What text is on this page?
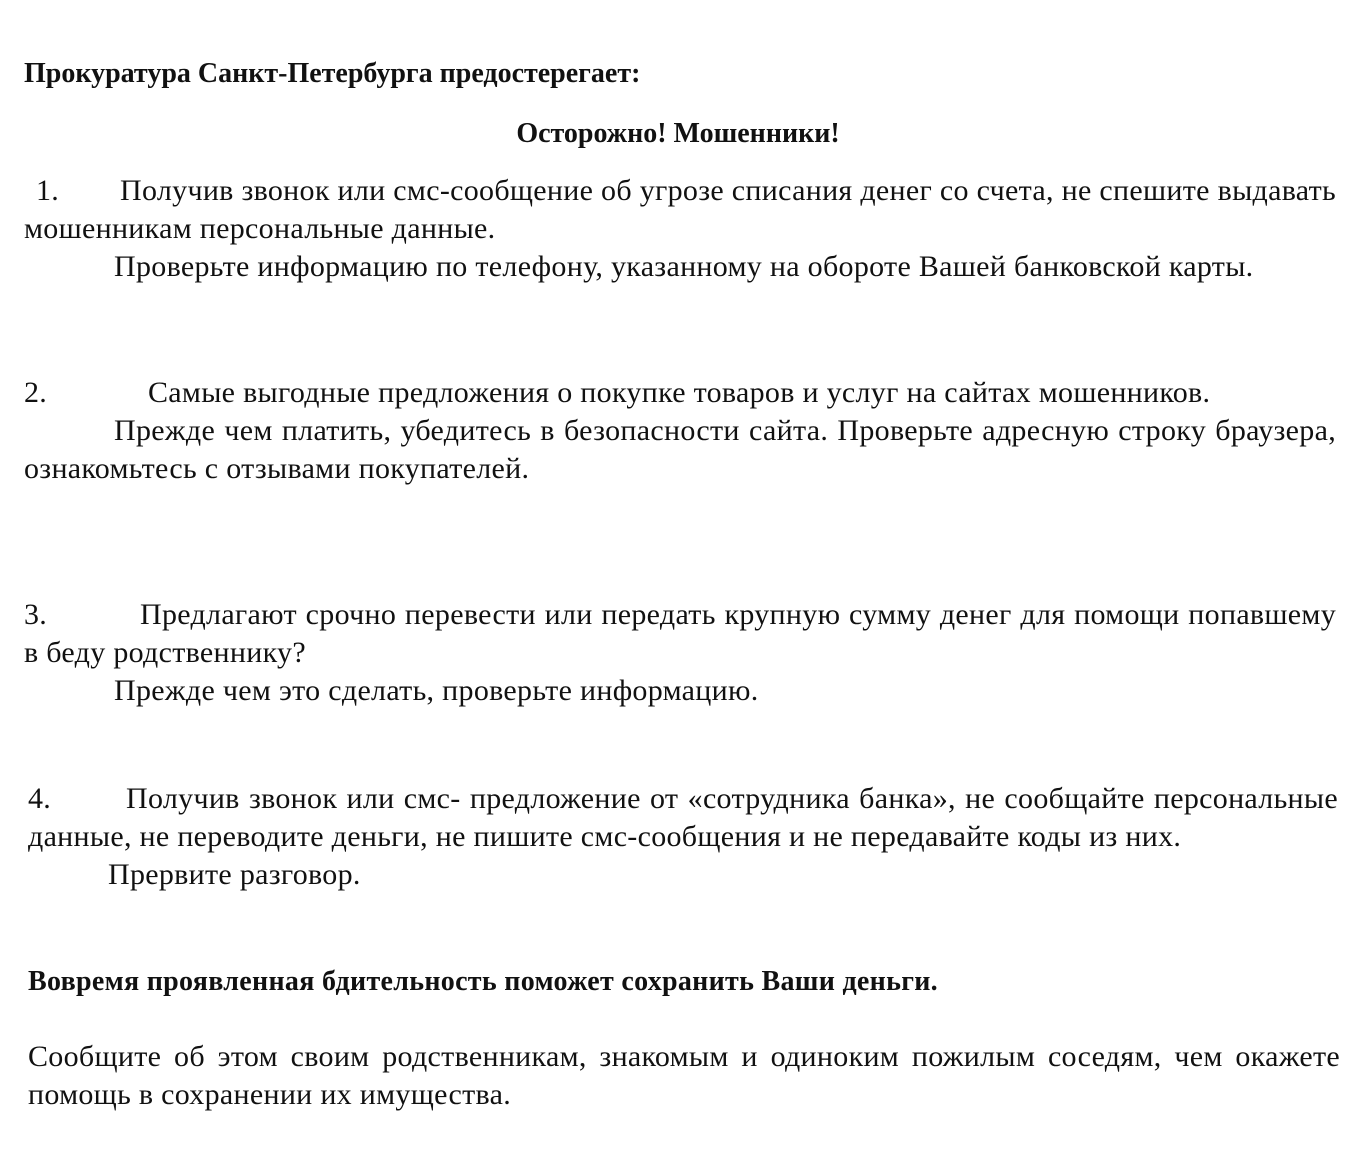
Прокуратура Санкт-Петербурга предостерегает:
Осторожно! Мошенники!

1. Получив звонок или смс-сообщение об угрозе списания денег со счета, не спешите выдавать мошенникам персональные данные.

Проверьте информацию по телефону, указанному на обороте Вашей банковской карты.

2.	Самые выгодные предложения о покупке товаров и услуг на сайтах мошенников.

Прежде чем платить, убедитесь в безопасности сайта. Проверьте адресную строку браузера, ознакомьтесь с отзывами покупателей.

3.	Предлагают срочно перевести или передать крупную сумму денег для помощи попавшему в беду родственнику?

Прежде чем это сделать, проверьте информацию.

4. Получив звонок или смс- предложение от «сотрудника банка», не сообщайте персональные данные, не переводите деньги, не пишите смс-сообщения и не передавайте коды из них.

Прервите разговор.

Вовремя проявленная бдительность поможет сохранить Ваши деньги.

Сообщите об этом своим родственникам, знакомым и одиноким пожилым соседям, чем окажете помощь в сохранении их имущества.
